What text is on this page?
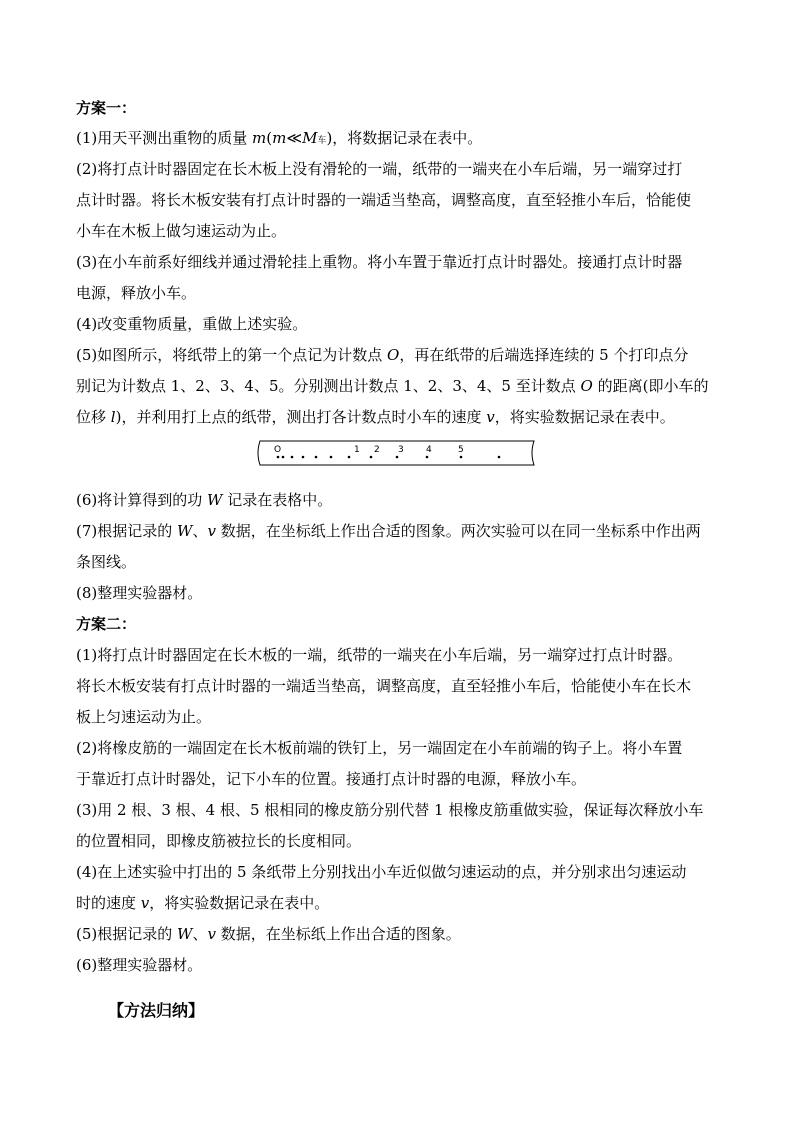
方案一：
(1)用天平测出重物的质量 m(m≪M车)，将数据记录在表中。
(2)将打点计时器固定在长木板上没有滑轮的一端，纸带的一端夹在小车后端，另一端穿过打
点计时器。将长木板安装有打点计时器的一端适当垫高，调整高度，直至轻推小车后，恰能使
小车在木板上做匀速运动为止。
(3)在小车前系好细线并通过滑轮挂上重物。将小车置于靠近打点计时器处。接通打点计时器
电源，释放小车。
(4)改变重物质量，重做上述实验。
(5)如图所示，将纸带上的第一个点记为计数点 O，再在纸带的后端选择连续的 5 个打印点分
别记为计数点 1、2、3、4、5。分别测出计数点 1、2、3、4、5 至计数点 O 的距离(即小车的
位移 l)，并利用打上点的纸带，测出打各计数点时小车的速度 v，将实验数据记录在表中。
O	1 2 3 4	5
(6)将计算得到的功 W 记录在表格中。
(7)根据记录的 W、v 数据，在坐标纸上作出合适的图象。两次实验可以在同一坐标系中作出两
条图线。
(8)整理实验器材。
方案二：
(1)将打点计时器固定在长木板的一端，纸带的一端夹在小车后端，另一端穿过打点计时器。
将长木板安装有打点计时器的一端适当垫高，调整高度，直至轻推小车后，恰能使小车在长木
板上匀速运动为止。
(2)将橡皮筋的一端固定在长木板前端的铁钉上，另一端固定在小车前端的钩子上。将小车置
于靠近打点计时器处，记下小车的位置。接通打点计时器的电源，释放小车。
(3)用 2 根、3 根、4 根、5 根相同的橡皮筋分别代替 1 根橡皮筋重做实验，保证每次释放小车
的位置相同，即橡皮筋被拉长的长度相同。
(4)在上述实验中打出的 5 条纸带上分别找出小车近似做匀速运动的点，并分别求出匀速运动
时的速度 v，将实验数据记录在表中。
(5)根据记录的 W、v 数据，在坐标纸上作出合适的图象。
(6)整理实验器材。
【方法归纳】
